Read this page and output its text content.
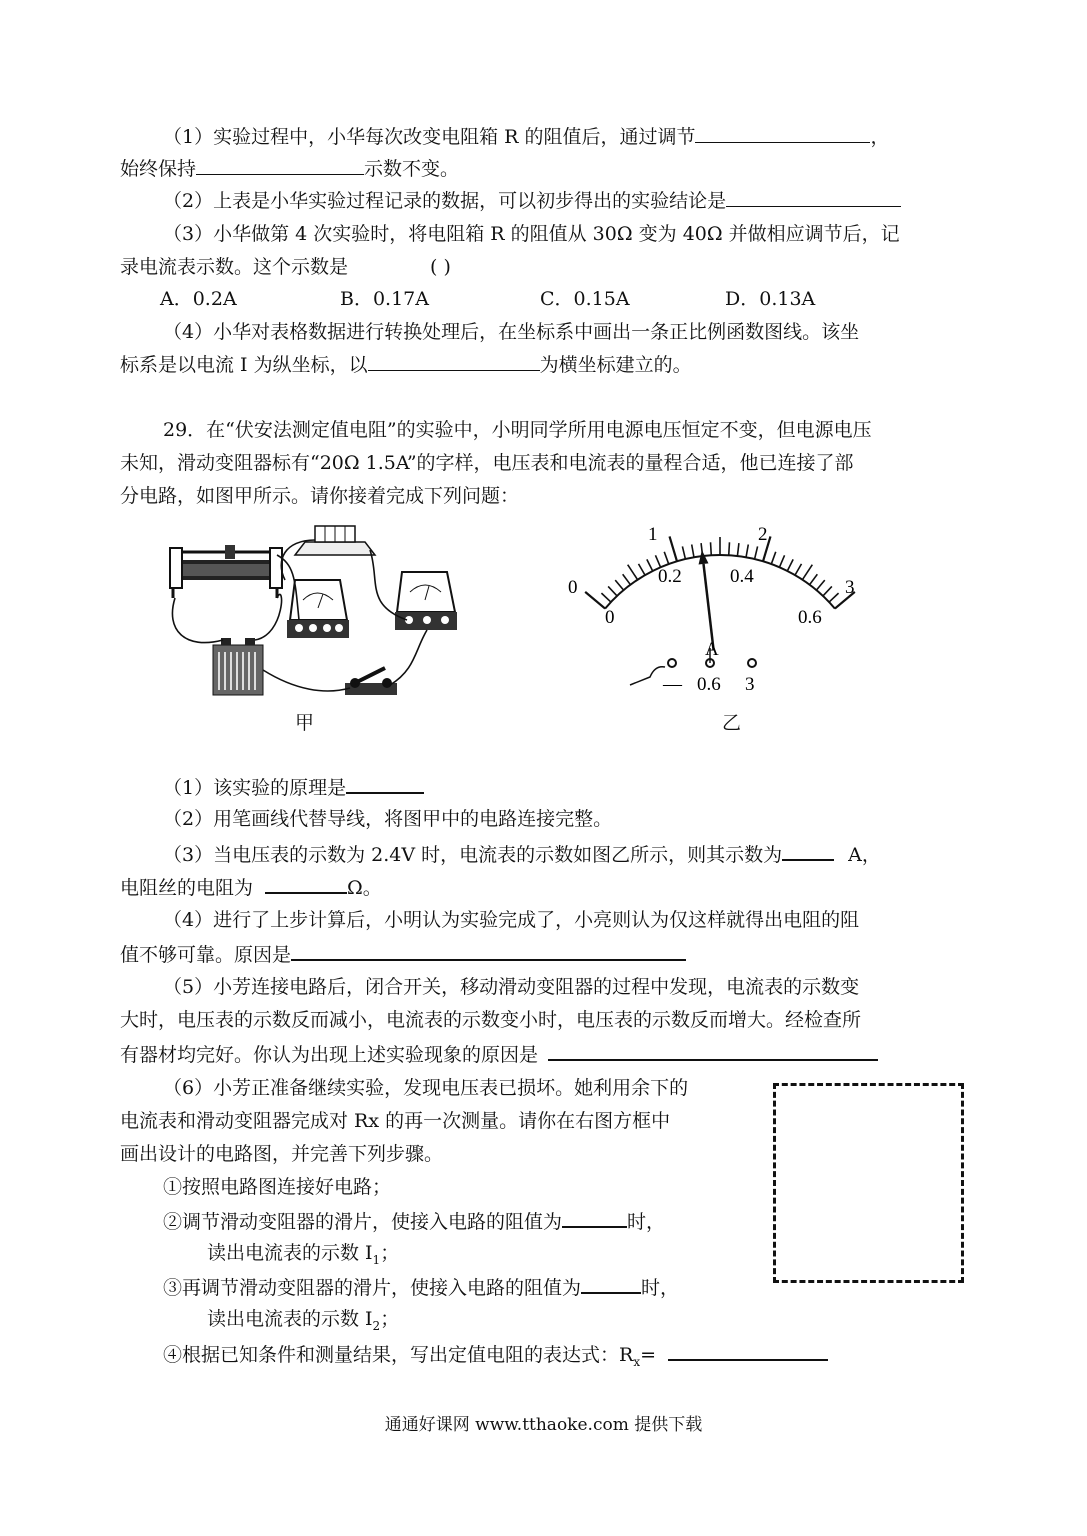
（1）实验过程中，小华每次改变电阻箱 R 的阻值后，通过调节	，
始终保持	示数不变。
（2）上表是小华实验过程记录的数据，可以初步得出的实验结论是
（3）小华做第 4 次实验时，将电阻箱 R 的阻值从 30Ω 变为 40Ω 并做相应调节后，记
录电流表示数。这个示数是	( )
A．0.2A	B．0.17A	C．0.15A	D．0.13A
（4）小华对表格数据进行转换处理后，在坐标系中画出一条正比例函数图线。该坐
标系是以电流 I 为纵坐标，以	为横坐标建立的。
29．在“伏安法测定值电阻”的实验中，小明同学所用电源电压恒定不变，但电源电压
未知，滑动变阻器标有“20Ω 1.5A”的字样，电压表和电流表的量程合适，他已连接了部
分电路，如图甲所示。请你接着完成下列问题：
甲
0
1	2
3
0
0.2	0.4
0.6
A
— 0.6 3
乙
（1）该实验的原理是
（2）用笔画线代替导线，将图甲中的电路连接完整。
（3）当电压表的示数为 2.4V 时，电流表的示数如图乙所示，则其示数为	A，
电阻丝的电阻为	Ω。
（4）进行了上步计算后，小明认为实验完成了，小亮则认为仅这样就得出电阻的阻
值不够可靠。原因是
（5）小芳连接电路后，闭合开关，移动滑动变阻器的过程中发现，电流表的示数变
大时，电压表的示数反而减小，电流表的示数变小时，电压表的示数反而增大。经检查所
有器材均完好。你认为出现上述实验现象的原因是
（6）小芳正准备继续实验，发现电压表已损坏。她利用余下的
电流表和滑动变阻器完成对 Rx 的再一次测量。请你在右图方框中
画出设计的电路图，并完善下列步骤。
①按照电路图连接好电路；
②调节滑动变阻器的滑片，使接入电路的阻值为	时，
读出电流表的示数 $I_1$；
③再调节滑动变阻器的滑片，使接入电路的阻值为	时，
读出电流表的示数 $I_2$；
④根据已知条件和测量结果，写出定值电阻的表达式：$R_x=$
通通好课网 www.tthaoke.com 提供下载
